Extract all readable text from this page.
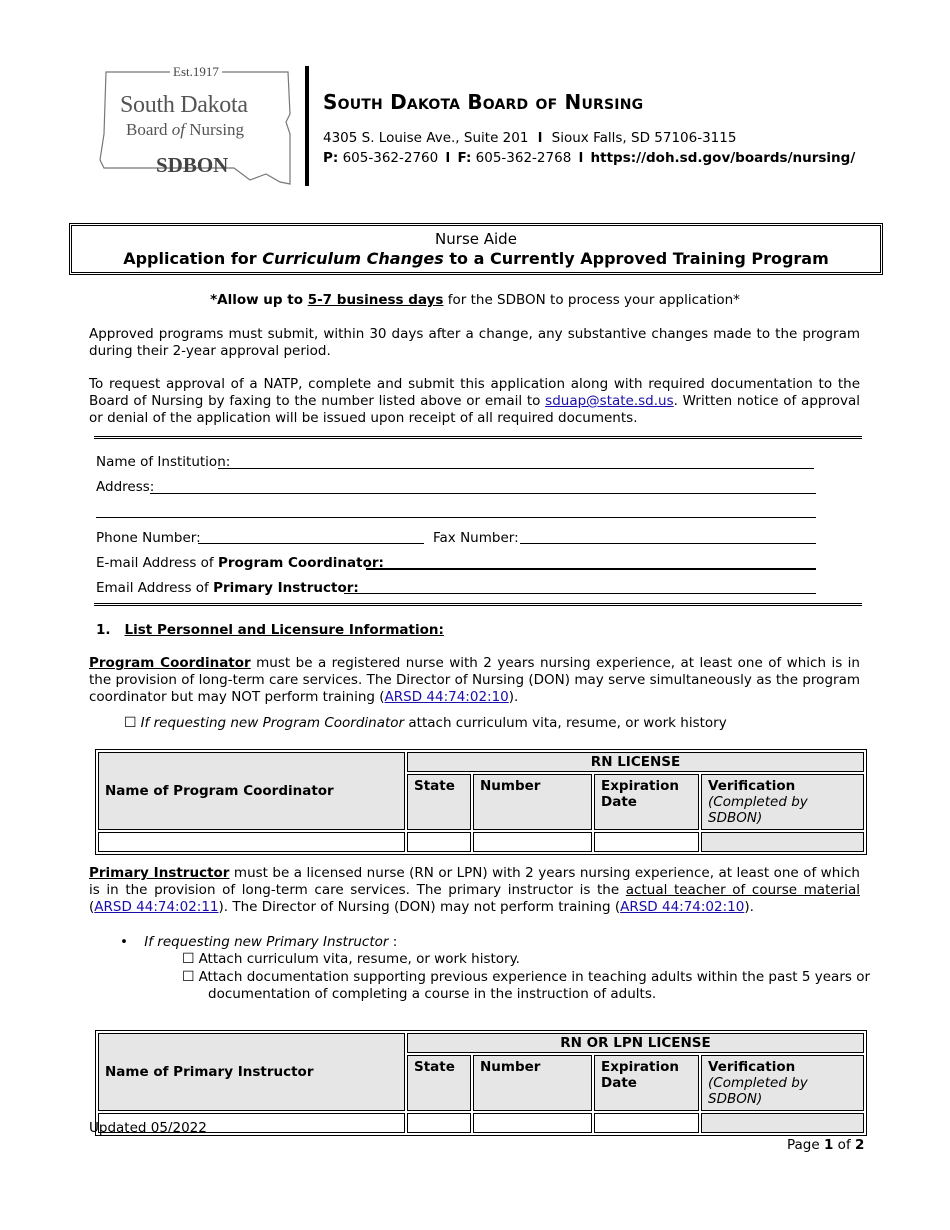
Est.1917
South Dakota
Board of Nursing
SDBON
South Dakota Board of Nursing
4305 S. Louise Ave., Suite 201 l Sioux Falls, SD 57106-3115
P: 605-362-2760 l F: 605-362-2768 l https://doh.sd.gov/boards/nursing/
Nurse Aide
Application for Curriculum Changes to a Currently Approved Training Program
*Allow up to 5-7 business days for the SDBON to process your application*
Approved programs must submit, within 30 days after a change, any substantive changes made to the program during their 2-year approval period.
To request approval of a NATP, complete and submit this application along with required documentation to the Board of Nursing by faxing to the number listed above or email to sduap@state.sd.us. Written notice of approval or denial of the application will be issued upon receipt of all required documents.
Name of Institution:
Address:
Phone Number:	Fax Number:
E-mail Address of Program Coordinator:
Email Address of Primary Instructor:
1. List Personnel and Licensure Information:
Program Coordinator must be a registered nurse with 2 years nursing experience, at least one of which is in the provision of long-term care services. The Director of Nursing (DON) may serve simultaneously as the program coordinator but may NOT perform training (ARSD 44:74:02:10).
☐ If requesting new Program Coordinator attach curriculum vita, resume, or work history
Name of Program Coordinator	RN LICENSE			
	State	Number	Expiration Date	Verification
(Completed by SDBON)

Primary Instructor must be a licensed nurse (RN or LPN) with 2 years nursing experience, at least one of which is in the provision of long-term care services. The primary instructor is the actual teacher of course material (ARSD 44:74:02:11). The Director of Nursing (DON) may not perform training (ARSD 44:74:02:10).
• If requesting new Primary Instructor :
☐ Attach curriculum vita, resume, or work history.
☐ Attach documentation supporting previous experience in teaching adults within the past 5 years or
documentation of completing a course in the instruction of adults.
Name of Primary Instructor	RN OR LPN LICENSE			
	State	Number	Expiration Date	Verification
(Completed by SDBON)

Updated 05/2022
Page 1 of 2
